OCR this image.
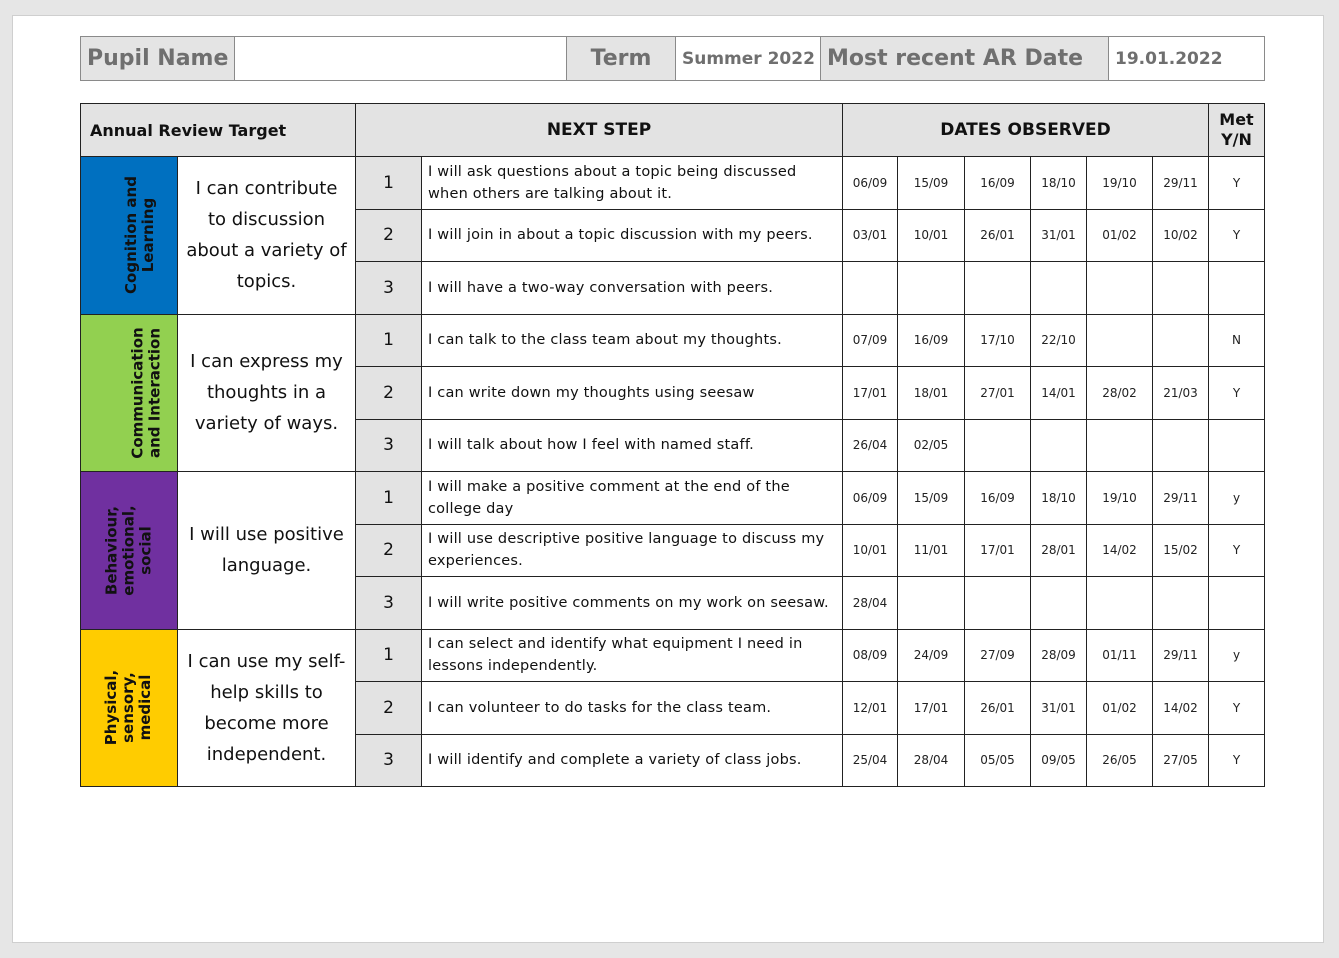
Pupil Name		Term	Summer 2022	Most recent AR Date	19.01.2022
Annual Review Target		NEXT STEP		DATES OBSERVED						Met
Y/N
Cognition and
Learning	I can contribute to discussion about a variety of topics.	1	I will ask questions about a topic being discussed when others are talking about it.	06/09	15/09	16/09	18/10	19/10	29/11	Y
		2	I will join in about a topic discussion with my peers.	03/01	10/01	26/01	31/01	01/02	10/02	Y
		3	I will have a two-way conversation with peers.							
Communication
and Interaction	I can express my thoughts in a variety of ways.	1	I can talk to the class team about my thoughts.	07/09	16/09	17/10	22/10			N
		2	I can write down my thoughts using seesaw	17/01	18/01	27/01	14/01	28/02	21/03	Y
		3	I will talk about how I feel with named staff.	26/04	02/05					
Behaviour,
emotional,
social	I will use positive language.	1	I will make a positive comment at the end of the college day	06/09	15/09	16/09	18/10	19/10	29/11	y
		2	I will use descriptive positive language to discuss my experiences.	10/01	11/01	17/01	28/01	14/02	15/02	Y
		3	I will write positive comments on my work on seesaw.	28/04						
Physical,
sensory,
medical	I can use my self-help skills to become more independent.	1	I can select and identify what equipment I need in lessons independently.	08/09	24/09	27/09	28/09	01/11	29/11	y
		2	I can volunteer to do tasks for the class team.	12/01	17/01	26/01	31/01	01/02	14/02	Y
		3	I will identify and complete a variety of class jobs.	25/04	28/04	05/05	09/05	26/05	27/05	Y
